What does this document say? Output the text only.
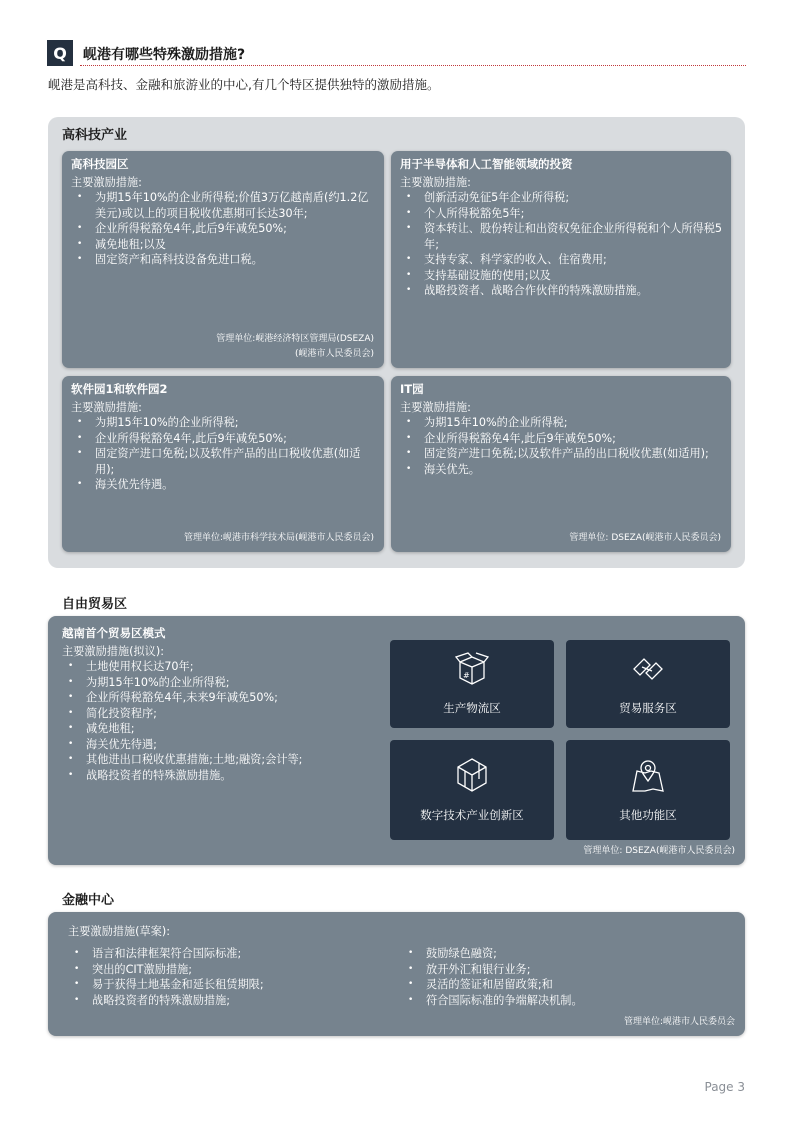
Q	岘港有哪些特殊激励措施?
岘港是高科技、金融和旅游业的中心,有几个特区提供独特的激励措施。
高科技产业
高科技园区
主要激励措施:
• 为期15年10%的企业所得税;价值3万亿越南盾(约1.2亿美元)或以上的项目税收优惠期可长达30年;
• 企业所得税豁免4年,此后9年减免50%;
• 减免地租;以及
• 固定资产和高科技设备免进口税。
管理单位:岘港经济特区管理局(DSEZA)
(岘港市人民委员会)
用于半导体和人工智能领域的投资
主要激励措施:
• 创新活动免征5年企业所得税;
• 个人所得税豁免5年;
• 资本转让、股份转让和出资权免征企业所得税和个人所得税5年;
• 支持专家、科学家的收入、住宿费用;
• 支持基础设施的使用;以及
• 战略投资者、战略合作伙伴的特殊激励措施。
软件园1和软件园2
主要激励措施:
• 为期15年10%的企业所得税;
• 企业所得税豁免4年,此后9年减免50%;
• 固定资产进口免税;以及软件产品的出口税收优惠(如适用);
• 海关优先待遇。
管理单位:岘港市科学技术局(岘港市人民委员会)
IT园
主要激励措施:
• 为期15年10%的企业所得税;
• 企业所得税豁免4年,此后9年减免50%;
• 固定资产进口免税;以及软件产品的出口税收优惠(如适用);
• 海关优先。
管理单位: DSEZA(岘港市人民委员会)
自由贸易区
越南首个贸易区模式
主要激励措施(拟议):
• 土地使用权长达70年;
• 为期15年10%的企业所得税;
• 企业所得税豁免4年,未来9年减免50%;
• 简化投资程序;
• 减免地租;
• 海关优先待遇;
• 其他进出口税收优惠措施;土地;融资;会计等;
• 战略投资者的特殊激励措施。
管理单位: DSEZA(岘港市人民委员会)
#
生产物流区	贸易服务区
数字技术产业创新区	其他功能区
金融中心
主要激励措施(草案):
• 语言和法律框架符合国际标准;
• 突出的CIT激励措施;
• 易于获得土地基金和延长租赁期限;
• 战略投资者的特殊激励措施;
• 鼓励绿色融资;
• 放开外汇和银行业务;
• 灵活的签证和居留政策;和
• 符合国际标准的争端解决机制。
管理单位:岘港市人民委员会
Page 3
